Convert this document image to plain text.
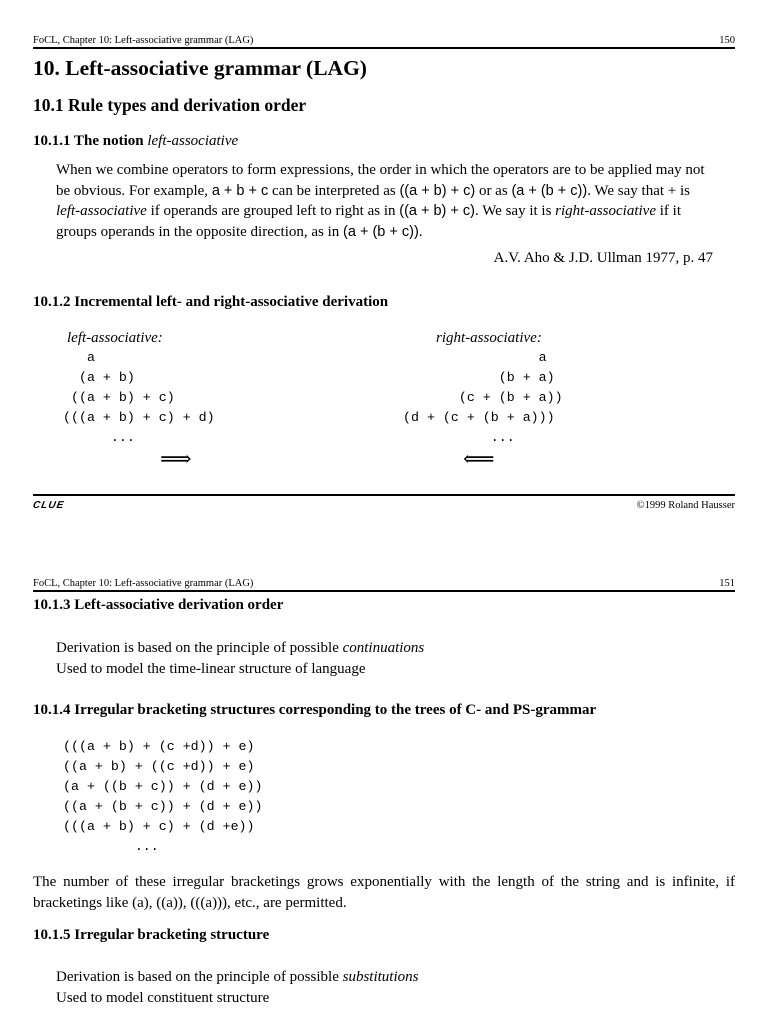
FoCL, Chapter 10: Left-associative grammar (LAG)	150
10. Left-associative grammar (LAG)
10.1 Rule types and derivation order
10.1.1 The notion left-associative
When we combine operators to form expressions, the order in which the operators are to be applied may not be obvious. For example, a + b + c can be interpreted as ((a + b) + c) or as (a + (b + c)). We say that + is left-associative if operands are grouped left to right as in ((a + b) + c). We say it is right-associative if it groups operands in the opposite direction, as in (a + (b + c)).
A.V. Aho & J.D. Ullman 1977, p. 47
10.1.2 Incremental left- and right-associative derivation
left-associative:
a
(a + b)
((a + b) + c)
(((a + b) + c) + d)
...
⟹
right-associative:
a
(b + a)
(c + (b + a))
(d + (c + (b + a)))
...
⟸
CLUE	©1999 Roland Hausser
FoCL, Chapter 10: Left-associative grammar (LAG)	151
10.1.3 Left-associative derivation order
Derivation is based on the principle of possible continuations
Used to model the time-linear structure of language
10.1.4 Irregular bracketing structures corresponding to the trees of C- and PS-grammar
(((a + b) + (c +d)) + e)
((a + b) + ((c +d)) + e)
(a + ((b + c)) + (d + e))
((a + (b + c)) + (d + e))
(((a + b) + c) + (d +e))
...
The number of these irregular bracketings grows exponentially with the length of the string and is infinite, if bracketings like (a), ((a)), (((a))), etc., are permitted.
10.1.5 Irregular bracketing structure
Derivation is based on the principle of possible substitutions
Used to model constituent structure
